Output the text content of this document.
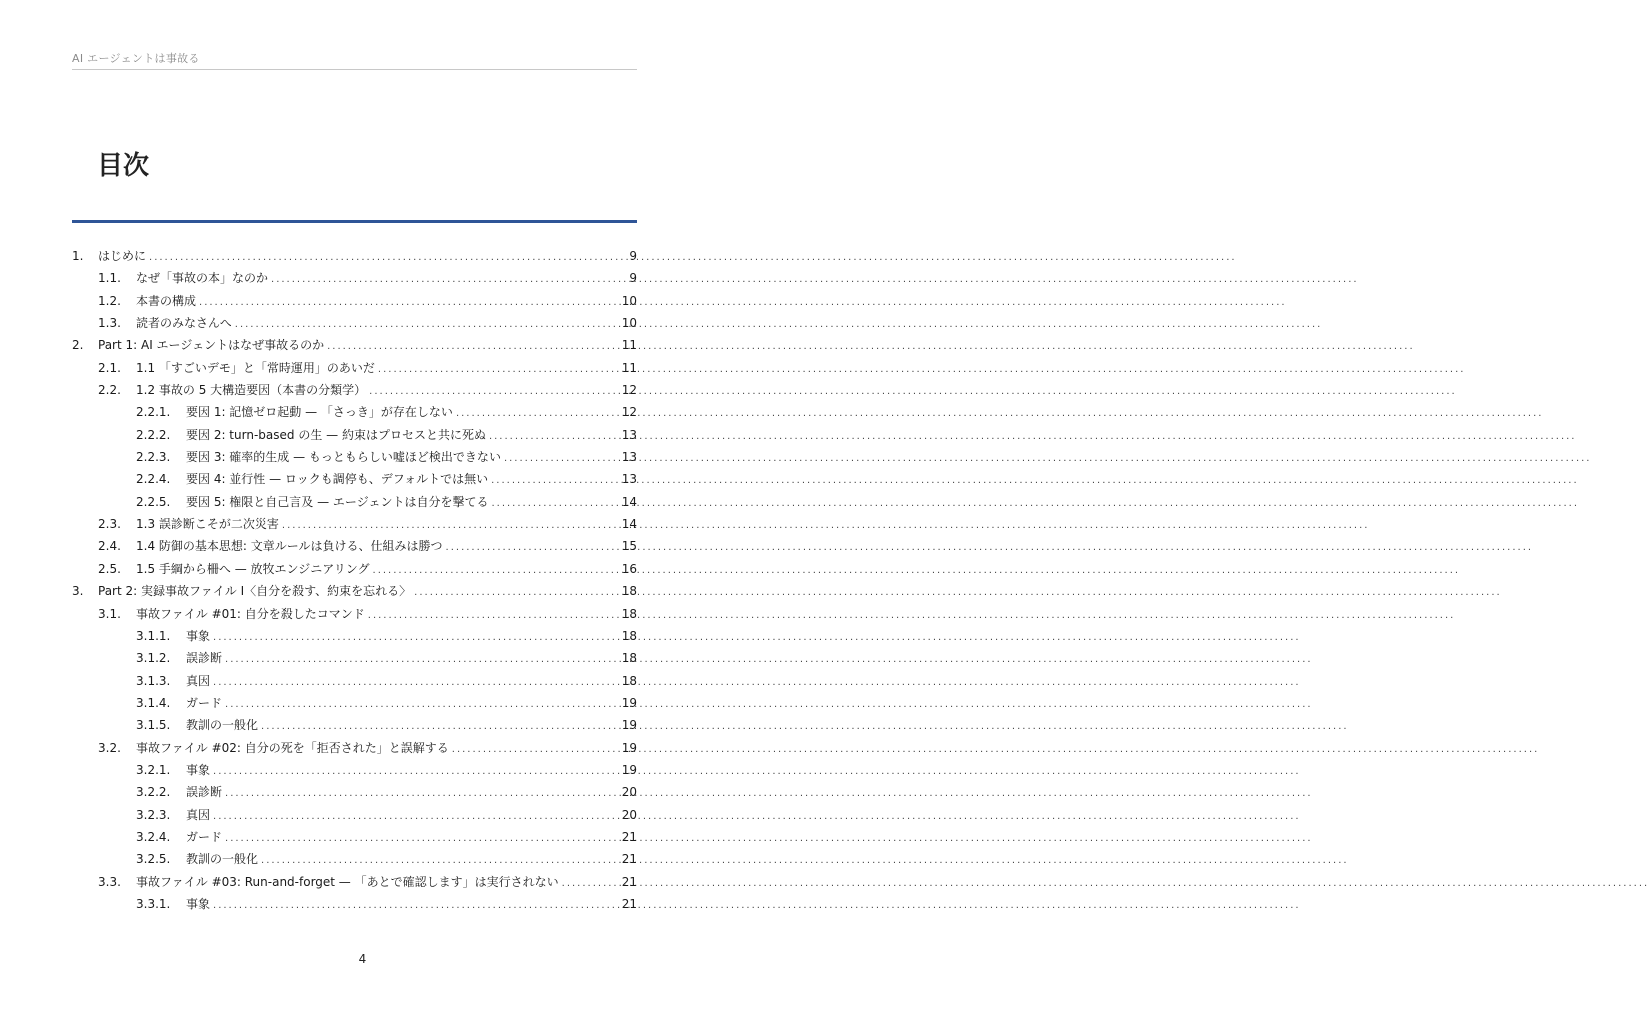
AI エージェントは事故る
目次
1.	はじめに .....	9
1.1.	なぜ「事故の本」なのか .....	9
1.2.	本書の構成 .....	10
1.3.	読者のみなさんへ .....	10
2.	Part 1: AI エージェントはなぜ事故るのか .....	11
2.1.	1.1 「すごいデモ」と「常時運用」のあいだ .....	11
2.2.	1.2 事故の 5 大構造要因（本書の分類学） .....	12
2.2.1.	要因 1: 記憶ゼロ起動 — 「さっき」が存在しない .....	12
2.2.2.	要因 2: turn-based の生 — 約束はプロセスと共に死ぬ .....	13
2.2.3.	要因 3: 確率的生成 — もっともらしい嘘ほど検出できない .....	13
2.2.4.	要因 4: 並行性 — ロックも調停も、デフォルトでは無い .....	13
2.2.5.	要因 5: 権限と自己言及 — エージェントは自分を撃てる .....	14
2.3.	1.3 誤診断こそが二次災害 .....	14
2.4.	1.4 防御の基本思想: 文章ルールは負ける、仕組みは勝つ .....	15
2.5.	1.5 手綱から柵へ — 放牧エンジニアリング .....	16
3.	Part 2: 実録事故ファイル I〈自分を殺す、約束を忘れる〉 .....	18
3.1.	事故ファイル #01: 自分を殺したコマンド .....	18
3.1.1.	事象 .....	18
3.1.2.	誤診断 .....	18
3.1.3.	真因 .....	18
3.1.4.	ガード .....	19
3.1.5.	教訓の一般化 .....	19
3.2.	事故ファイル #02: 自分の死を「拒否された」と誤解する .....	19
3.2.1.	事象 .....	19
3.2.2.	誤診断 .....	20
3.2.3.	真因 .....	20
3.2.4.	ガード .....	21
3.2.5.	教訓の一般化 .....	21
3.3.	事故ファイル #03: Run-and-forget — 「あとで確認します」は実行されない .....	21
3.3.1.	事象 .....	21
4
